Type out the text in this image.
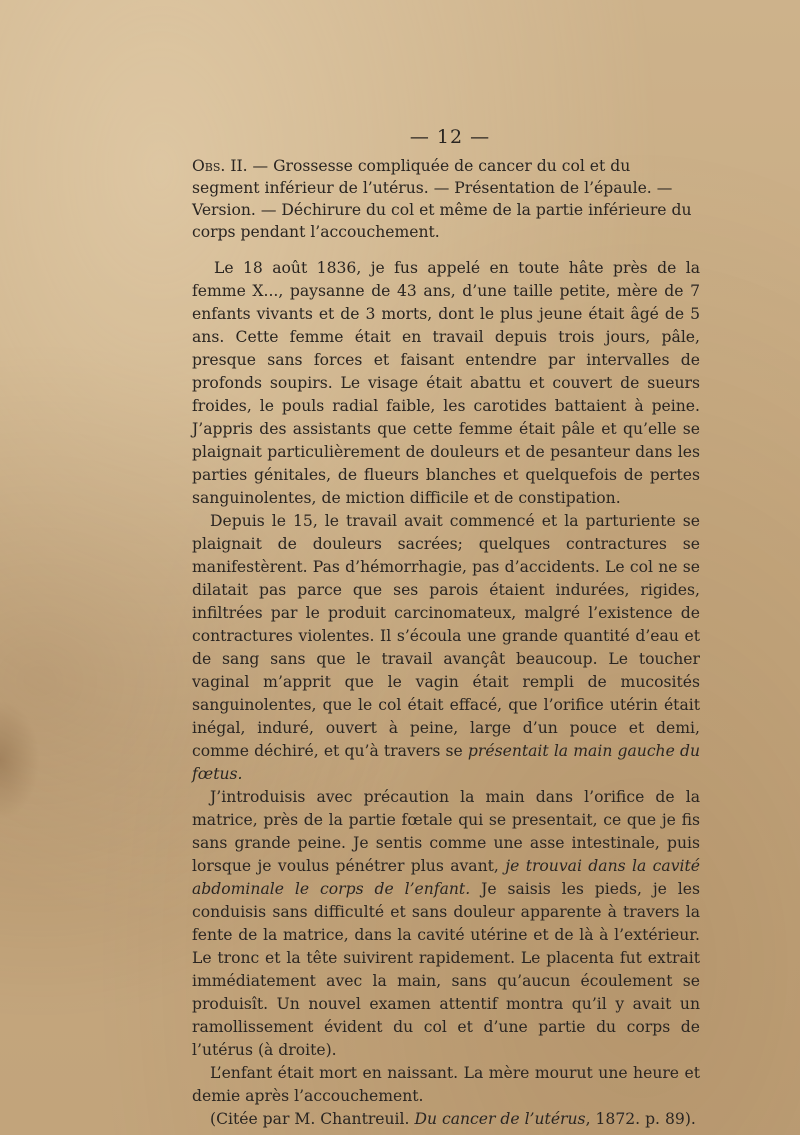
— 12 —

Obs. II. — Grossesse compliquée de cancer du col et du segment inférieur de l’utérus. — Présentation de l’épaule. — Version. — Déchirure du col et même de la partie inférieure du corps pendant l’accouchement.

Le 18 août 1836, je fus appelé en toute hâte près de la femme X..., paysanne de 43 ans, d’une taille petite, mère de 7 enfants vivants et de 3 morts, dont le plus jeune était âgé de 5 ans. Cette femme était en travail depuis trois jours, pâle, presque sans forces et faisant entendre par intervalles de profonds soupirs. Le visage était abattu et couvert de sueurs froides, le pouls radial faible, les carotides battaient à peine. J’appris des assistants que cette femme était pâle et qu’elle se plaignait particulièrement de douleurs et de pesanteur dans les parties génitales, de flueurs blanches et quelquefois de pertes sanguinolentes, de miction difficile et de constipation.

Depuis le 15, le travail avait commencé et la parturiente se plaignait de douleurs sacrées; quelques contractures se manifestèrent. Pas d’hémorrhagie, pas d’accidents. Le col ne se dilatait pas parce que ses parois étaient indurées, rigides, infiltrées par le produit carcinomateux, malgré l’existence de contractures violentes. Il s’écoula une grande quantité d’eau et de sang sans que le travail avançât beaucoup. Le toucher vaginal m’apprit que le vagin était rempli de mucosités sanguinolentes, que le col était effacé, que l’orifice utérin était inégal, induré, ouvert à peine, large d’un pouce et demi, comme déchiré, et qu’à travers se présentait la main gauche du fœtus.

J’introduisis avec précaution la main dans l’orifice de la matrice, près de la partie fœtale qui se presentait, ce que je fis sans grande peine. Je sentis comme une asse intestinale, puis lorsque je voulus pénétrer plus avant, je trouvai dans la cavité abdominale le corps de l’enfant. Je saisis les pieds, je les conduisis sans difficulté et sans douleur apparente à travers la fente de la matrice, dans la cavité utérine et de là à l’extérieur. Le tronc et la tête suivirent rapidement. Le placenta fut extrait immédiatement avec la main, sans qu’aucun écoulement se produisît. Un nouvel examen attentif montra qu’il y avait un ramollissement évident du col et d’une partie du corps de l’utérus (à droite).

L’enfant était mort en naissant. La mère mourut une heure et demie après l’accouchement.

(Citée par M. Chantreuil. Du cancer de l’utérus, 1872. p. 89).
